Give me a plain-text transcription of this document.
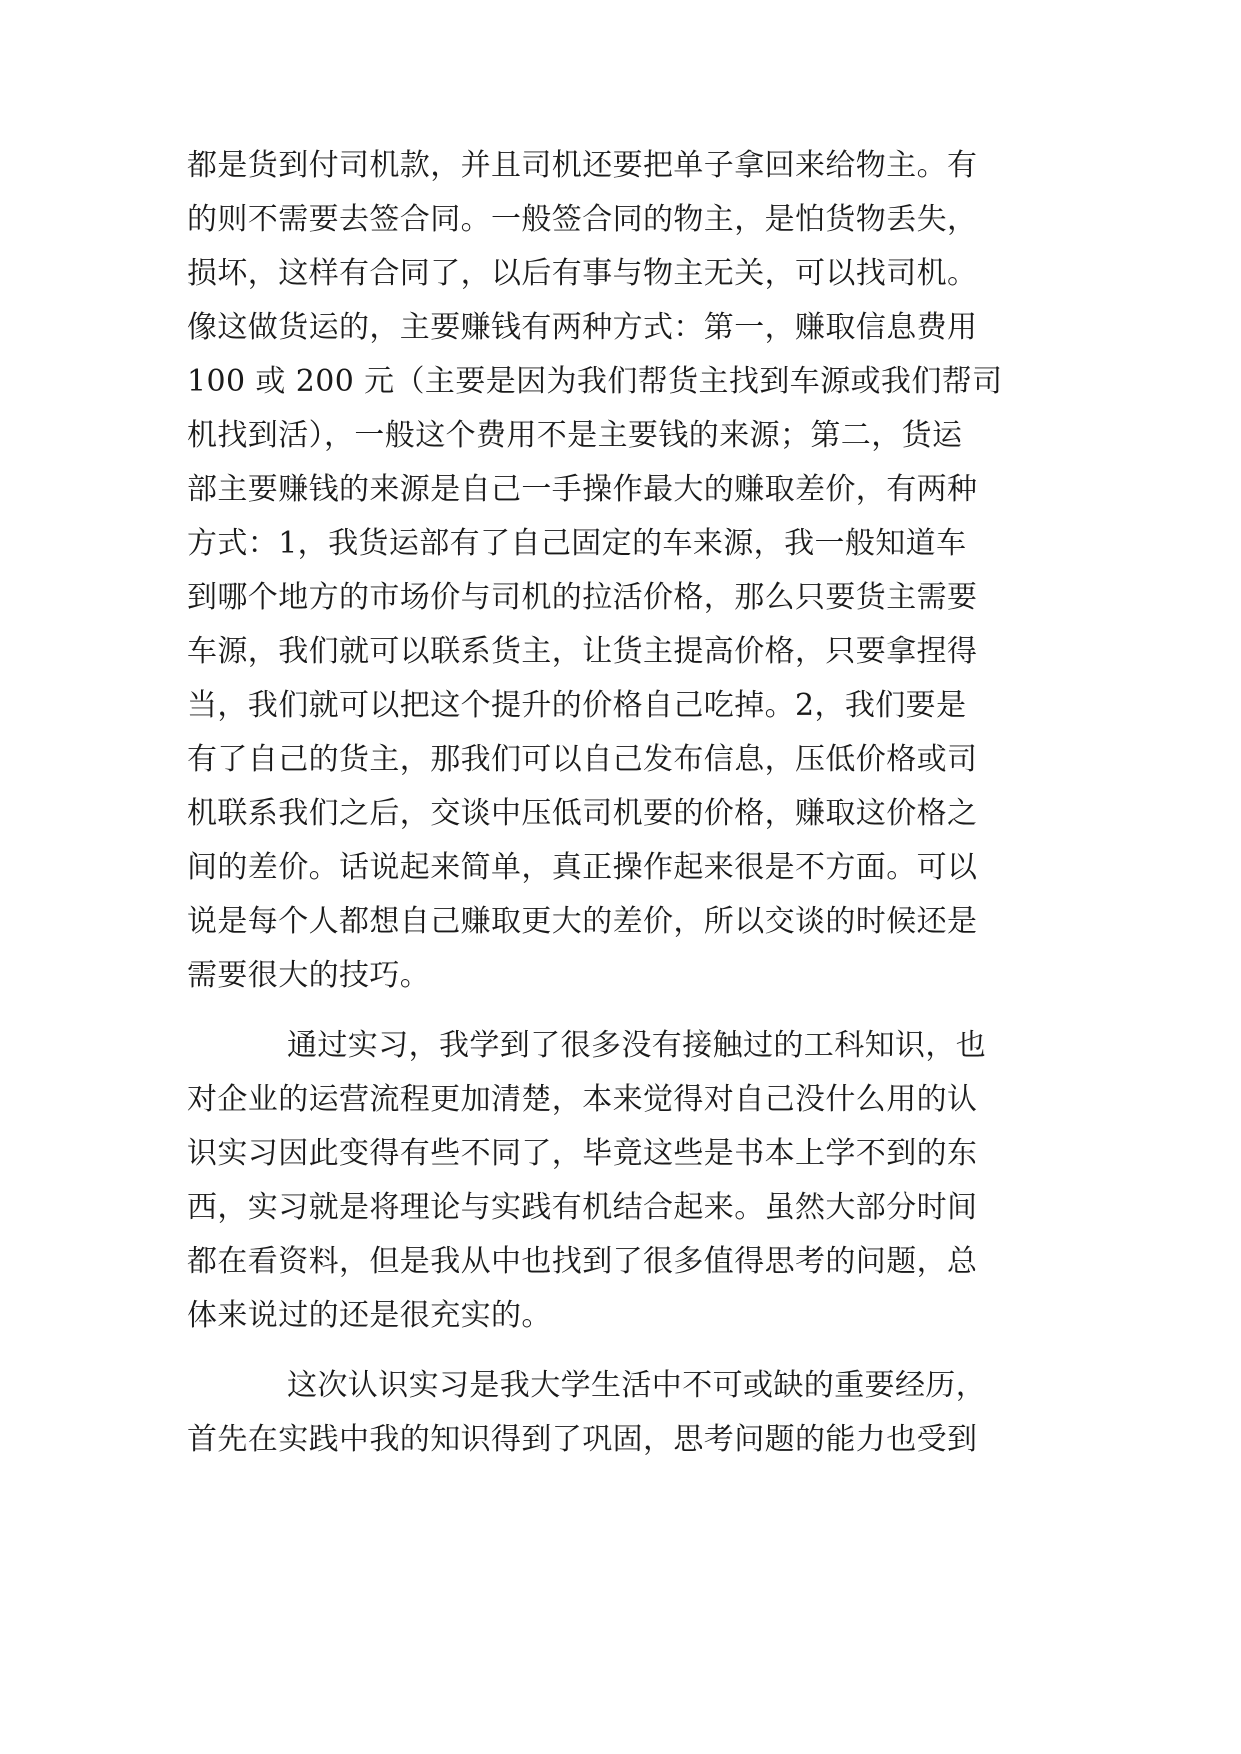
都是货到付司机款，并且司机还要把单子拿回来给物主。有
的则不需要去签合同。一般签合同的物主，是怕货物丢失，
损坏，这样有合同了，以后有事与物主无关，可以找司机。
像这做货运的，主要赚钱有两种方式：第一，赚取信息费用
100 或 200 元（主要是因为我们帮货主找到车源或我们帮司
机找到活），一般这个费用不是主要钱的来源；第二，货运
部主要赚钱的来源是自己一手操作最大的赚取差价，有两种
方式：1，我货运部有了自己固定的车来源，我一般知道车
到哪个地方的市场价与司机的拉活价格，那么只要货主需要
车源，我们就可以联系货主，让货主提高价格，只要拿捏得
当，我们就可以把这个提升的价格自己吃掉。2，我们要是
有了自己的货主，那我们可以自己发布信息，压低价格或司
机联系我们之后，交谈中压低司机要的价格，赚取这价格之
间的差价。话说起来简单，真正操作起来很是不方面。可以
说是每个人都想自己赚取更大的差价，所以交谈的时候还是
需要很大的技巧。
通过实习，我学到了很多没有接触过的工科知识，也
对企业的运营流程更加清楚，本来觉得对自己没什么用的认
识实习因此变得有些不同了，毕竟这些是书本上学不到的东
西，实习就是将理论与实践有机结合起来。虽然大部分时间
都在看资料，但是我从中也找到了很多值得思考的问题，总
体来说过的还是很充实的。
这次认识实习是我大学生活中不可或缺的重要经历，
首先在实践中我的知识得到了巩固，思考问题的能力也受到
